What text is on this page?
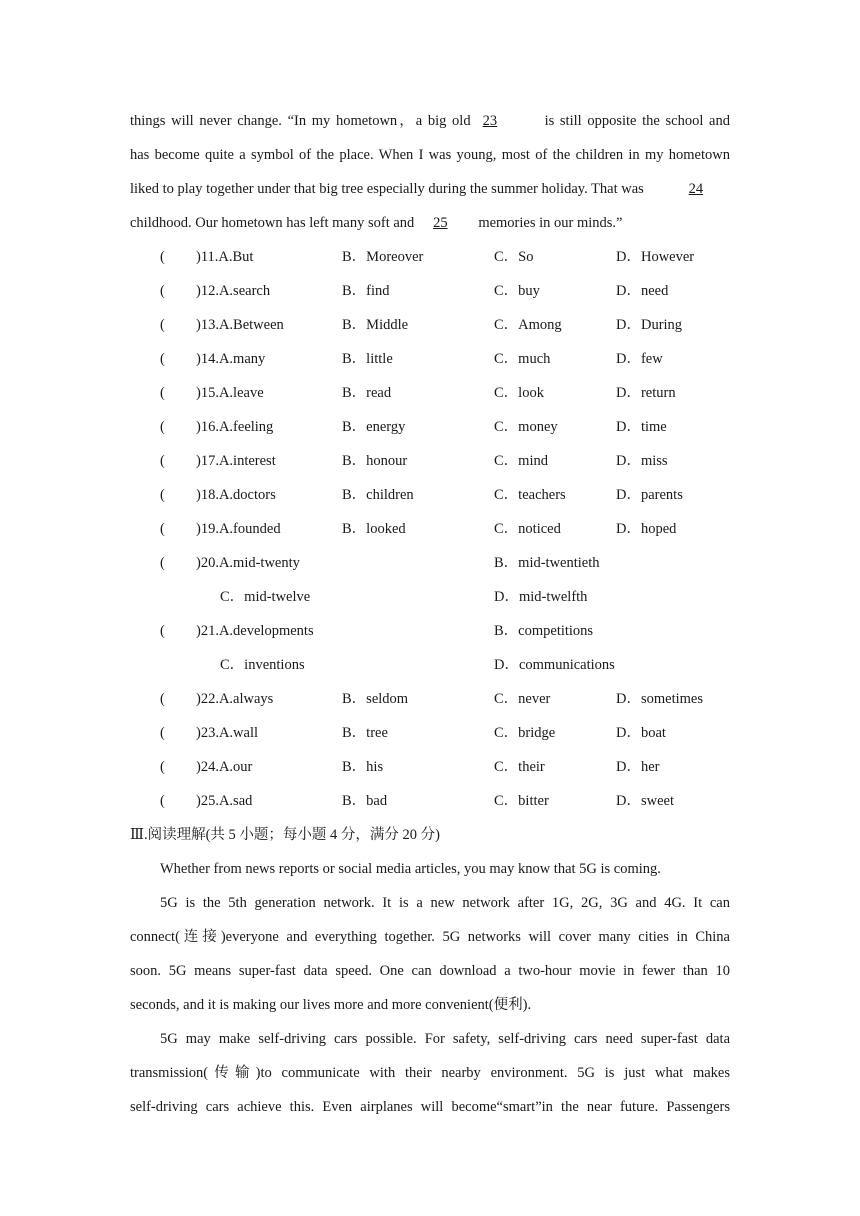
things will never change. “In my hometown，a big old 23	is still opposite the school and
has become quite a symbol of the place. When I was young, most of the children in my hometown
liked to play together under that big tree especially during the summer holiday. That was	24
childhood. Our hometown has left many soft and 25 memories in our minds.”
( )11.A.But	B．Moreover	C．So	D．However
( )12.A.search	B．find	C．buy	D．need
( )13.A.Between	B．Middle	C．Among	D．During
( )14.A.many	B．little	C．much	D．few
( )15.A.leave	B．read	C．look	D．return
( )16.A.feeling	B．energy	C．money	D．time
( )17.A.interest	B．honour	C．mind	D．miss
( )18.A.doctors	B．children	C．teachers	D．parents
( )19.A.founded	B．looked	C．noticed	D．hoped
( )20.A.mid-twenty	B．mid-twentieth
C．mid-twelve	D．mid-twelfth
( )21.A.developments	B．competitions
C．inventions	D．communications
( )22.A.always	B．seldom	C．never	D．sometimes
( )23.A.wall	B．tree	C．bridge	D．boat
( )24.A.our	B．his	C．their	D．her
( )25.A.sad	B．bad	C．bitter	D．sweet
Ⅲ.阅读理解(共 5 小题；每小题 4 分，满分 20 分)
Whether from news reports or social media articles, you may know that 5G is coming.
5G is the 5th generation network. It is a new network after 1G, 2G, 3G and 4G. It can
connect(连接)everyone and everything together. 5G networks will cover many cities in China
soon. 5G means super-fast data speed. One can download a two-hour movie in fewer than 10
seconds, and it is making our lives more and more convenient(便利).
5G may make self-driving cars possible. For safety, self-driving cars need super-fast data
transmission(传输)to communicate with their nearby environment. 5G is just what makes
self-driving cars achieve this. Even airplanes will become“smart”in the near future. Passengers
